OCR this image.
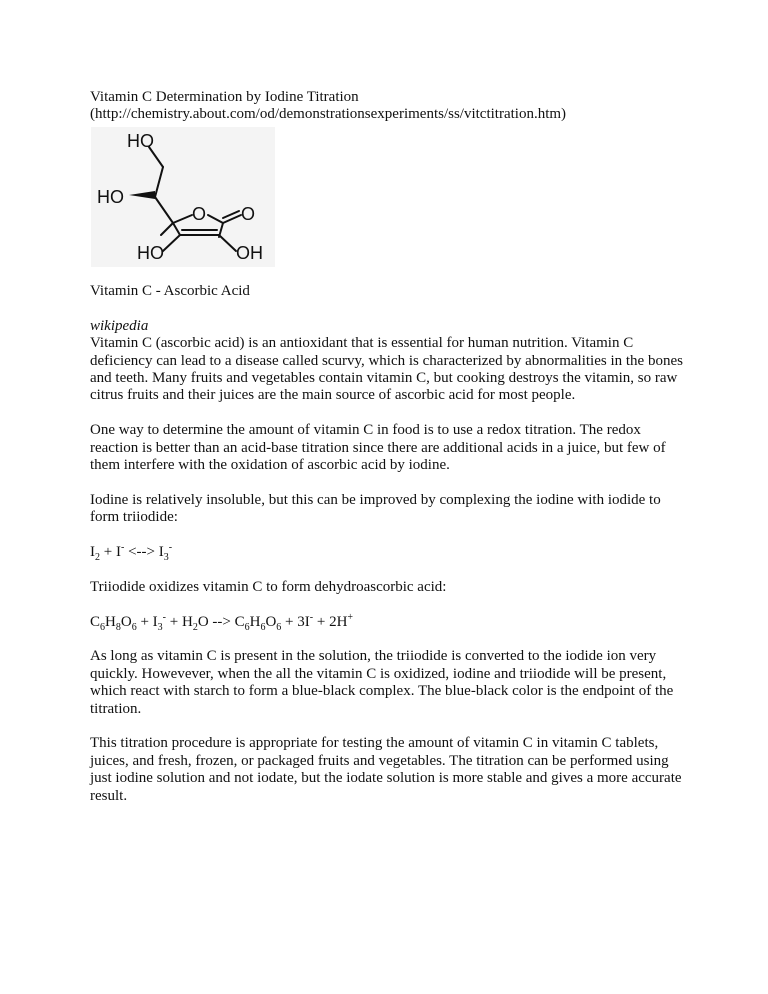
Vitamin C Determination by Iodine Titration
(http://chemistry.about.com/od/demonstrationsexperiments/ss/vitctitration.htm)
HO
HO
O O
HO	OH

Vitamin C - Ascorbic Acid

wikipedia

Vitamin C (ascorbic acid) is an antioxidant that is essential for human nutrition. Vitamin C deficiency can lead to a disease called scurvy, which is characterized by abnormalities in the bones and teeth. Many fruits and vegetables contain vitamin C, but cooking destroys the vitamin, so raw citrus fruits and their juices are the main source of ascorbic acid for most people.

One way to determine the amount of vitamin C in food is to use a redox titration. The redox reaction is better than an acid-base titration since there are additional acids in a juice, but few of them interfere with the oxidation of ascorbic acid by iodine.

Iodine is relatively insoluble, but this can be improved by complexing the iodine with iodide to form triiodide:

$I_2 + I^-$ <--> $I_3^-$

Triiodide oxidizes vitamin C to form dehydroascorbic acid:

$C_6H_8O_6 + I_3^- + H_2O$ --> $C_6H_6O_6 + 3I^- + 2H^+$

As long as vitamin C is present in the solution, the triiodide is converted to the iodide ion very quickly. Howevever, when the all the vitamin C is oxidized, iodine and triiodide will be present, which react with starch to form a blue-black complex. The blue-black color is the endpoint of the titration.

This titration procedure is appropriate for testing the amount of vitamin C in vitamin C tablets, juices, and fresh, frozen, or packaged fruits and vegetables. The titration can be performed using just iodine solution and not iodate, but the iodate solution is more stable and gives a more accurate result.
